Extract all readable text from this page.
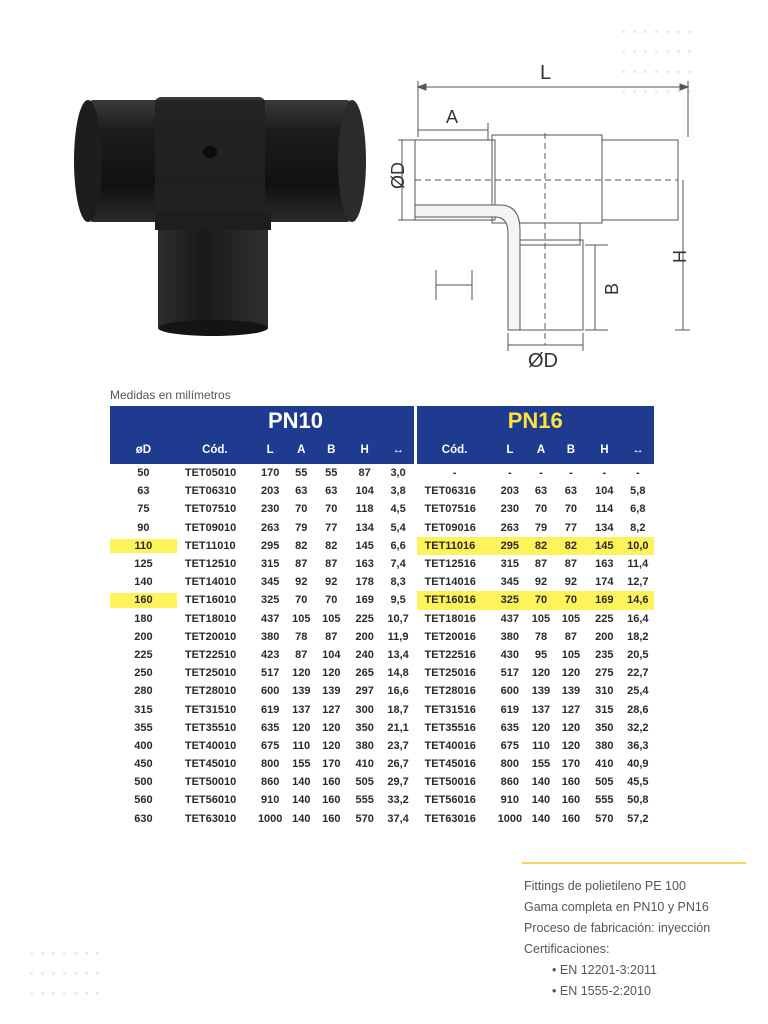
L
A
ØD
B
H
ØD
Medidas en milímetros
	PN10							PN16					
øD	Cód.	L	A	B	H	↔		Cód.	L	A	B	H	↔
50	TET05010	170	55	55	87	3,0		-	-	-	-	-	-
63	TET06310	203	63	63	104	3,8		TET06316	203	63	63	104	5,8
75	TET07510	230	70	70	118	4,5		TET07516	230	70	70	114	6,8
90	TET09010	263	79	77	134	5,4		TET09016	263	79	77	134	8,2
110	TET11010	295	82	82	145	6,6		TET11016	295	82	82	145	10,0
125	TET12510	315	87	87	163	7,4		TET12516	315	87	87	163	11,4
140	TET14010	345	92	92	178	8,3		TET14016	345	92	92	174	12,7
160	TET16010	325	70	70	169	9,5		TET16016	325	70	70	169	14,6
180	TET18010	437	105	105	225	10,7		TET18016	437	105	105	225	16,4
200	TET20010	380	78	87	200	11,9		TET20016	380	78	87	200	18,2
225	TET22510	423	87	104	240	13,4		TET22516	430	95	105	235	20,5
250	TET25010	517	120	120	265	14,8		TET25016	517	120	120	275	22,7
280	TET28010	600	139	139	297	16,6		TET28016	600	139	139	310	25,4
315	TET31510	619	137	127	300	18,7		TET31516	619	137	127	315	28,6
355	TET35510	635	120	120	350	21,1		TET35516	635	120	120	350	32,2
400	TET40010	675	110	120	380	23,7		TET40016	675	110	120	380	36,3
450	TET45010	800	155	170	410	26,7		TET45016	800	155	170	410	40,9
500	TET50010	860	140	160	505	29,7		TET50016	860	140	160	505	45,5
560	TET56010	910	140	160	555	33,2		TET56016	910	140	160	555	50,8
630	TET63010	1000	140	160	570	37,4		TET63016	1000	140	160	570	57,2
Fittings de polietileno PE 100
Gama completa en PN10 y PN16
Proceso de fabricación: inyección
Certificaciones:
• EN 12201-3:2011
• EN 1555-2:2010
